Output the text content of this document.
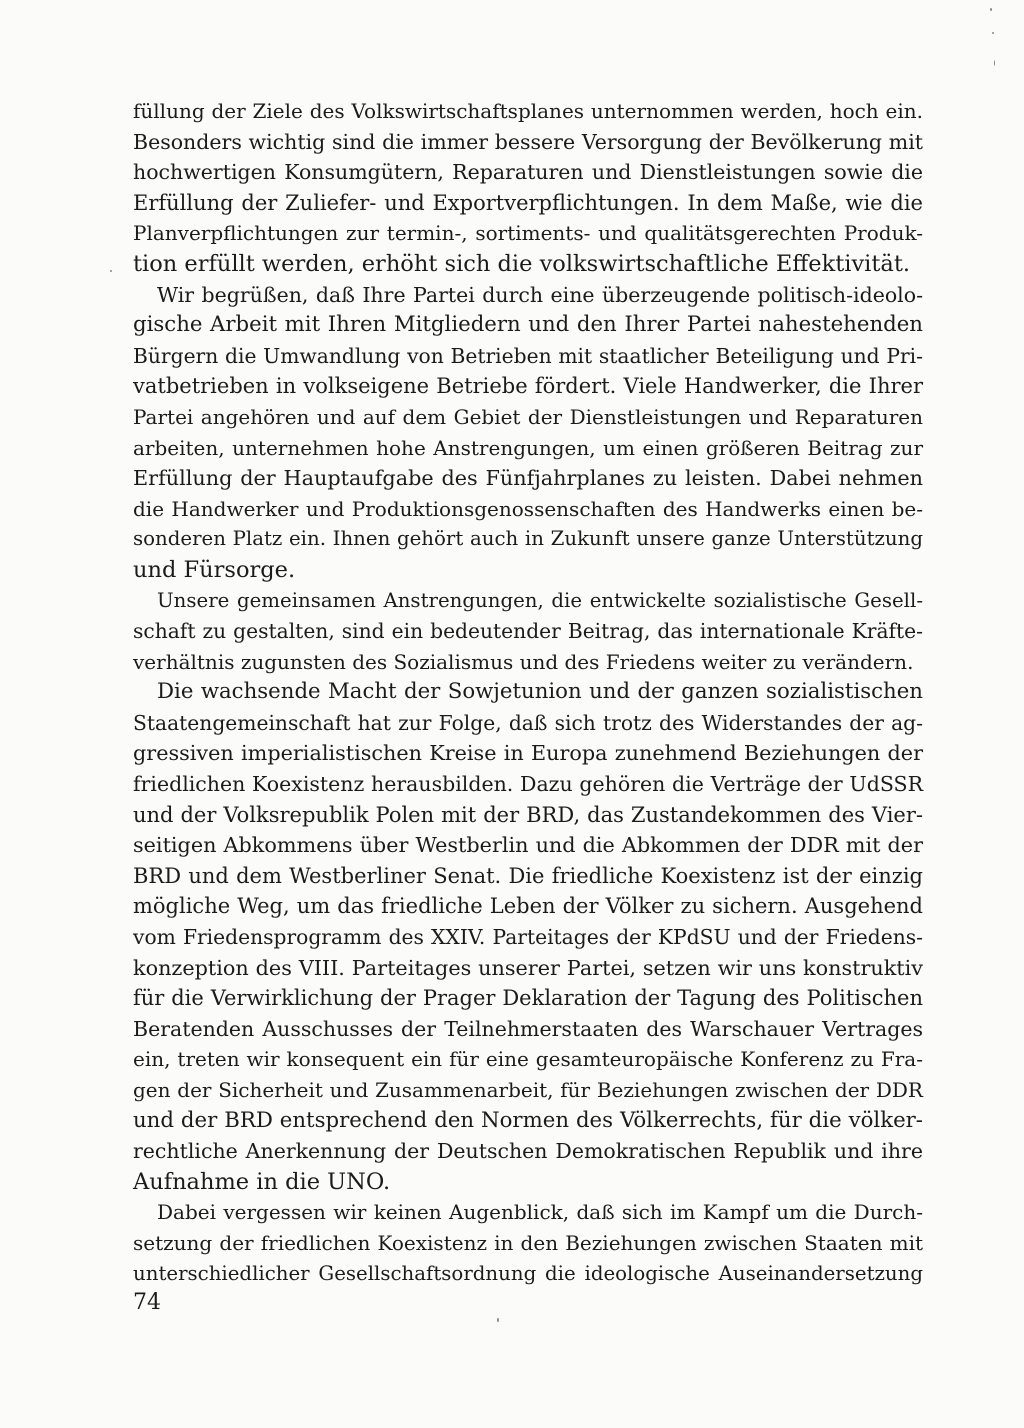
füllung der Ziele des Volkswirtschaftsplanes unternommen werden, hoch ein.
Besonders wichtig sind die immer bessere Versorgung der Bevölkerung mit
hochwertigen Konsumgütern, Reparaturen und Dienstleistungen sowie die
Erfüllung der Zuliefer- und Exportverpflichtungen. In dem Maße, wie die
Planverpflichtungen zur termin-, sortiments- und qualitätsgerechten Produk-
tion erfüllt werden, erhöht sich die volkswirtschaftliche Effektivität.
Wir begrüßen, daß Ihre Partei durch eine überzeugende politisch-ideolo-
gische Arbeit mit Ihren Mitgliedern und den Ihrer Partei nahestehenden
Bürgern die Umwandlung von Betrieben mit staatlicher Beteiligung und Pri-
vatbetrieben in volkseigene Betriebe fördert. Viele Handwerker, die Ihrer
Partei angehören und auf dem Gebiet der Dienstleistungen und Reparaturen
arbeiten, unternehmen hohe Anstrengungen, um einen größeren Beitrag zur
Erfüllung der Hauptaufgabe des Fünfjahrplanes zu leisten. Dabei nehmen
die Handwerker und Produktionsgenossenschaften des Handwerks einen be-
sonderen Platz ein. Ihnen gehört auch in Zukunft unsere ganze Unterstützung
und Fürsorge.
Unsere gemeinsamen Anstrengungen, die entwickelte sozialistische Gesell-
schaft zu gestalten, sind ein bedeutender Beitrag, das internationale Kräfte-
verhältnis zugunsten des Sozialismus und des Friedens weiter zu verändern.
Die wachsende Macht der Sowjetunion und der ganzen sozialistischen
Staatengemeinschaft hat zur Folge, daß sich trotz des Widerstandes der ag-
gressiven imperialistischen Kreise in Europa zunehmend Beziehungen der
friedlichen Koexistenz herausbilden. Dazu gehören die Verträge der UdSSR
und der Volksrepublik Polen mit der BRD, das Zustandekommen des Vier-
seitigen Abkommens über Westberlin und die Abkommen der DDR mit der
BRD und dem Westberliner Senat. Die friedliche Koexistenz ist der einzig
mögliche Weg, um das friedliche Leben der Völker zu sichern. Ausgehend
vom Friedensprogramm des XXIV. Parteitages der KPdSU und der Friedens-
konzeption des VIII. Parteitages unserer Partei, setzen wir uns konstruktiv
für die Verwirklichung der Prager Deklaration der Tagung des Politischen
Beratenden Ausschusses der Teilnehmerstaaten des Warschauer Vertrages
ein, treten wir konsequent ein für eine gesamteuropäische Konferenz zu Fra-
gen der Sicherheit und Zusammenarbeit, für Beziehungen zwischen der DDR
und der BRD entsprechend den Normen des Völkerrechts, für die völker-
rechtliche Anerkennung der Deutschen Demokratischen Republik und ihre
Aufnahme in die UNO.
Dabei vergessen wir keinen Augenblick, daß sich im Kampf um die Durch-
setzung der friedlichen Koexistenz in den Beziehungen zwischen Staaten mit
unterschiedlicher Gesellschaftsordnung die ideologische Auseinandersetzung
74
